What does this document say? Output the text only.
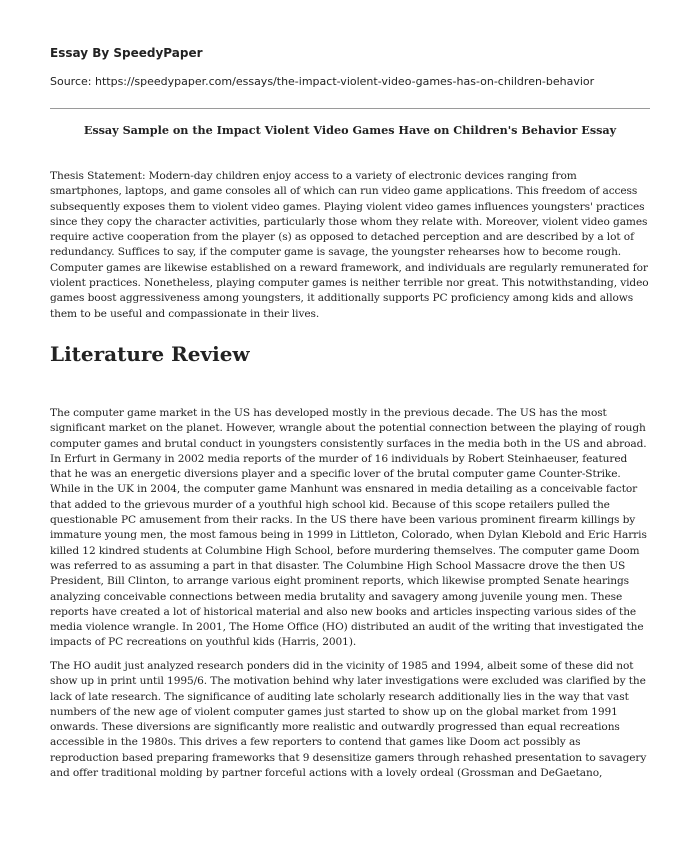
Essay By SpeedyPaper
Source: https://speedypaper.com/essays/the-impact-violent-video-games-has-on-children-behavior
Essay Sample on the Impact Violent Video Games Have on Children's Behavior Essay

Thesis Statement: Modern-day children enjoy access to a variety of electronic devices ranging from smartphones, laptops, and game consoles all of which can run video game applications. This freedom of access subsequently exposes them to violent video games. Playing violent video games influences youngsters' practices since they copy the character activities, particularly those whom they relate with. Moreover, violent video games require active cooperation from the player (s) as opposed to detached perception and are described by a lot of redundancy. Suffices to say, if the computer game is savage, the youngster rehearses how to become rough. Computer games are likewise established on a reward framework, and individuals are regularly remunerated for violent practices. Nonetheless, playing computer games is neither terrible nor great. This notwithstanding, video games boost aggressiveness among youngsters, it additionally supports PC proficiency among kids and allows them to be useful and compassionate in their lives.

Literature Review

The computer game market in the US has developed mostly in the previous decade. The US has the most significant market on the planet. However, wrangle about the potential connection between the playing of rough computer games and brutal conduct in youngsters consistently surfaces in the media both in the US and abroad. In Erfurt in Germany in 2002 media reports of the murder of 16 individuals by Robert Steinhaeuser, featured that he was an energetic diversions player and a specific lover of the brutal computer game Counter-Strike. While in the UK in 2004, the computer game Manhunt was ensnared in media detailing as a conceivable factor that added to the grievous murder of a youthful high school kid. Because of this scope retailers pulled the questionable PC amusement from their racks. In the US there have been various prominent firearm killings by immature young men, the most famous being in 1999 in Littleton, Colorado, when Dylan Klebold and Eric Harris killed 12 kindred students at Columbine High School, before murdering themselves. The computer game Doom was referred to as assuming a part in that disaster. The Columbine High School Massacre drove the then US President, Bill Clinton, to arrange various eight prominent reports, which likewise prompted Senate hearings analyzing conceivable connections between media brutality and savagery among juvenile young men. These reports have created a lot of historical material and also new books and articles inspecting various sides of the media violence wrangle. In 2001, The Home Office (HO) distributed an audit of the writing that investigated the impacts of PC recreations on youthful kids (Harris, 2001).

The HO audit just analyzed research ponders did in the vicinity of 1985 and 1994, albeit some of these did not show up in print until 1995/6. The motivation behind why later investigations were excluded was clarified by the lack of late research. The significance of auditing late scholarly research additionally lies in the way that vast numbers of the new age of violent computer games just started to show up on the global market from 1991 onwards. These diversions are significantly more realistic and outwardly progressed than equal recreations accessible in the 1980s. This drives a few reporters to contend that games like Doom act possibly as reproduction based preparing frameworks that 9 desensitize gamers through rehashed presentation to savagery and offer traditional molding by partner forceful actions with a lovely ordeal (Grossman and DeGaetano,
